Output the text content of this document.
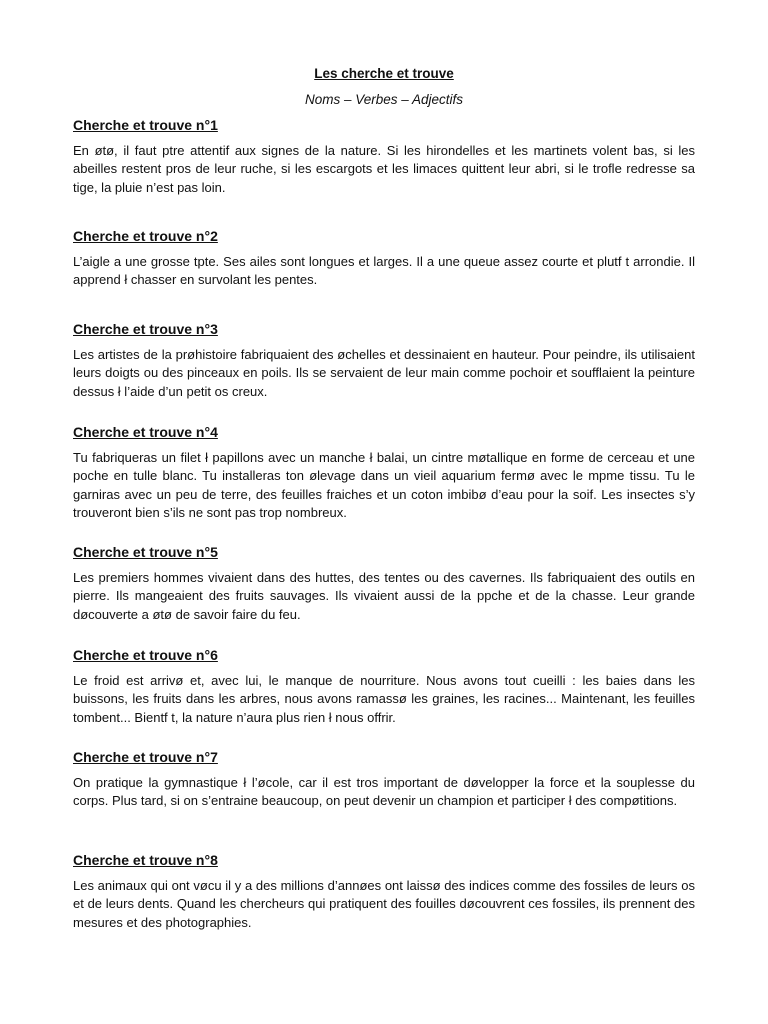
Les cherche et trouve
Noms – Verbes – Adjectifs
Cherche et trouve n°1

En øtø, il faut ptre attentif aux signes de la nature. Si les hirondelles et les martinets volent bas, si les abeilles restent pros de leur ruche, si les escargots et les limaces quittent leur abri, si le trofle redresse sa tige, la pluie n’est pas loin.

Cherche et trouve n°2

L’aigle a une grosse tpte. Ses ailes sont longues et larges. Il a une queue assez courte et plutf t arrondie. Il apprend ł chasser en survolant les pentes.

Cherche et trouve n°3

Les artistes de la prøhistoire fabriquaient des øchelles et dessinaient en hauteur. Pour peindre, ils utilisaient leurs doigts ou des pinceaux en poils. Ils se servaient de leur main comme pochoir et soufflaient la peinture dessus ł l’aide d’un petit os creux.

Cherche et trouve n°4

Tu fabriqueras un filet ł papillons avec un manche ł balai, un cintre møtallique en forme de cerceau et une poche en tulle blanc. Tu installeras ton ølevage dans un vieil aquarium fermø avec le mpme tissu. Tu le garniras avec un peu de terre, des feuilles fraiches et un coton imbibø d’eau pour la soif. Les insectes s’y trouveront bien s’ils ne sont pas trop nombreux.

Cherche et trouve n°5

Les premiers hommes vivaient dans des huttes, des tentes ou des cavernes. Ils fabriquaient des outils en pierre. Ils mangeaient des fruits sauvages. Ils vivaient aussi de la ppche et de la chasse. Leur grande døcouverte a øtø de savoir faire du feu.

Cherche et trouve n°6

Le froid est arrivø et, avec lui, le manque de nourriture. Nous avons tout cueilli : les baies dans les buissons, les fruits dans les arbres, nous avons ramassø les graines, les racines... Maintenant, les feuilles tombent... Bientf t, la nature n’aura plus rien ł nous offrir.

Cherche et trouve n°7

On pratique la gymnastique ł l’øcole, car il est tros important de døvelopper la force et la souplesse du corps. Plus tard, si on s’entraine beaucoup, on peut devenir un champion et participer ł des compøtitions.

Cherche et trouve n°8

Les animaux qui ont vøcu il y a des millions d’annøes ont laissø des indices comme des fossiles de leurs os et de leurs dents. Quand les chercheurs qui pratiquent des fouilles døcouvrent ces fossiles, ils prennent des mesures et des photographies.
